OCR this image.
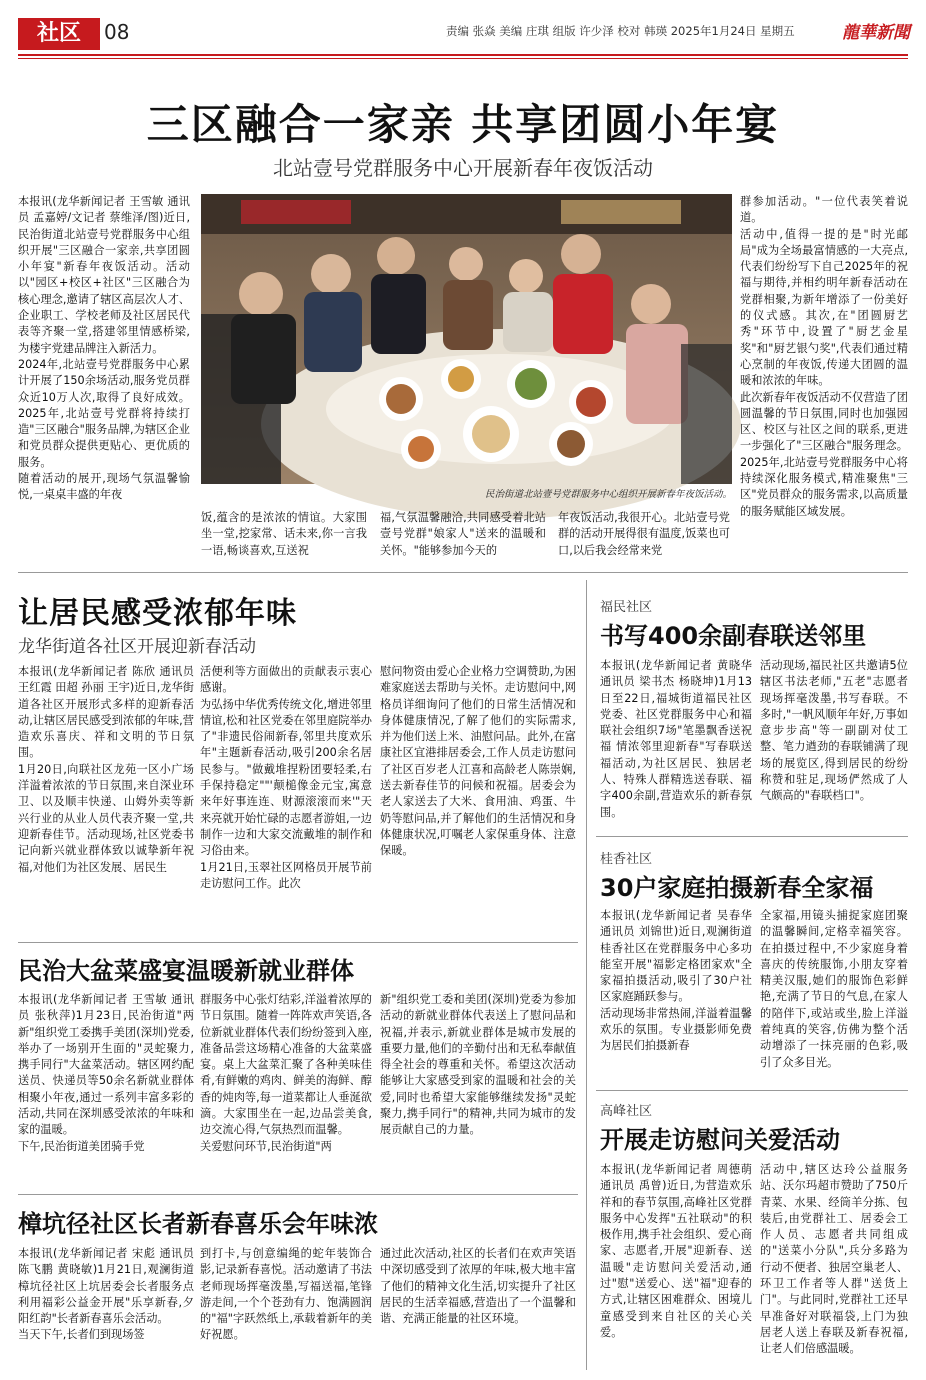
社区	08	责编 张焱 美编 庄琪 组版 许少泽 校对 韩瑛 2025年1月24日 星期五	龍華新聞
三区融合一家亲 共享团圆小年宴
北站壹号党群服务中心开展新春年夜饭活动
本报讯(龙华新闻记者 王雪敏 通讯员 孟嘉婷/文记者 蔡维泽/图)近日,民治街道北站壹号党群服务中心组织开展"三区融合一家亲,共享团圆小年宴"新春年夜饭活动。活动以"园区+校区+社区"三区融合为核心理念,邀请了辖区高层次人才、企业职工、学校老师及社区居民代表等齐聚一堂,搭建邻里情感桥梁,为楼宇党建品牌注入新活力。
2024年,北站壹号党群服务中心累计开展了150余场活动,服务党员群众近10万人次,取得了良好成效。2025年,北站壹号党群将持续打造"三区融合"服务品牌,为辖区企业和党员群众提供更贴心、更优质的服务。
随着活动的展开,现场气氛温馨愉悦,一桌桌丰盛的年夜	民治街道北站壹号党群服务中心组织开展新春年夜饭活动。
饭,蕴含的是浓浓的情谊。大家围坐一堂,挖家常、话未来,你一言我一语,畅谈喜欢,互送祝
福,气氛温馨融洽,共同感受着北站壹号党群"娘家人"送来的温暖和关怀。"能够参加今天的
年夜饭活动,我很开心。北站壹号党群的活动开展得很有温度,饭菜也可口,以后我会经常来党
群参加活动。"一位代表笑着说道。
活动中,值得一提的是"时光邮局"成为全场最富情感的一大亮点,代表们纷纷写下自己2025年的祝福与期待,并相约明年新春活动在党群相聚,为新年增添了一份美好的仪式感。其次,在"团圆厨艺秀"环节中,设置了"厨艺金星奖"和"厨艺银勺奖",代表们通过精心烹制的年夜饭,传递大团圆的温暖和浓浓的年味。
此次新春年夜饭活动不仅营造了团圆温馨的节日氛围,同时也加强园区、校区与社区之间的联系,更进一步强化了"三区融合"服务理念。2025年,北站壹号党群服务中心将持续深化服务模式,精准聚焦"三区"党员群众的服务需求,以高质量的服务赋能区域发展。
让居民感受浓郁年味
龙华街道各社区开展迎新春活动
本报讯(龙华新闻记者 陈欣 通讯员 王红霞 田超 孙丽 王宇)近日,龙华街道各社区开展形式多样的迎新春活动,让辖区居民感受到浓郁的年味,营造欢乐喜庆、祥和文明的节日氛围。
1月20日,向联社区龙苑一区小广场洋溢着浓浓的节日氛围,来自深业环卫、以及顺丰快递、山姆外卖等新兴行业的从业人员代表齐聚一堂,共迎新春佳节。活动现场,社区党委书记向新兴就业群体致以诚挚新年祝福,对他们为社区发展、居民生
活便利等方面做出的贡献表示衷心感谢。
为弘扬中华优秀传统文化,增进邻里情谊,松和社区党委在邻里庭院举办了"非遗民俗闹新春,邻里共度欢乐年"主题新春活动,吸引200余名居民参与。"做戴堆捏粉团要轻柔,右手保持稳定""'颠槌像金元宝,寓意来年好事连连、财源滚滚而来'"天来亮就开始忙碌的志愿者游姐,一边制作一边和大家交流戴堆的制作和习俗由来。
1月21日,玉翠社区网格员开展节前走访慰问工作。此次
慰问物资由爱心企业格力空调赞助,为困难家庭送去帮助与关怀。走访慰问中,网格员详细询问了他们的日常生活情况和身体健康情况,了解了他们的实际需求,并为他们送上米、油慰问品。此外,在富康社区宜港排居委会,工作人员走访慰问了社区百岁老人江喜和高龄老人陈崇娴,送去新春佳节的问候和祝福。居委会为老人家送去了大米、食用油、鸡蛋、牛奶等慰问品,并了解他们的生活情况和身体健康状况,叮嘱老人家保重身体、注意保暖。
民治大盆菜盛宴温暖新就业群体
本报讯(龙华新闻记者 王雪敏 通讯员 张秋萍)1月23日,民治街道"两新"组织党工委携手美团(深圳)党委,举办了一场别开生面的"灵蛇聚力,携手同行"大盆菜活动。辖区网约配送员、快递员等50余名新就业群体相聚小年夜,通过一系列丰富多彩的活动,共同在深圳感受浓浓的年味和家的温暖。
下午,民治街道美团骑手党
群服务中心张灯结彩,洋溢着浓厚的节日氛围。随着一阵阵欢声笑语,各位新就业群体代表们纷纷签到入座,准备品尝这场精心准备的大盆菜盛宴。桌上大盆菜汇聚了各种美味佳肴,有鲜嫩的鸡肉、鲜美的海鲜、醇香的炖肉等,每一道菜都让人垂涎欲滴。大家围坐在一起,边品尝美食,边交流心得,气氛热烈而温馨。
关爱慰问环节,民治街道"两
新"组织党工委和美团(深圳)党委为参加活动的新就业群体代表送上了慰问品和祝福,并表示,新就业群体是城市发展的重要力量,他们的辛勤付出和无私奉献值得全社会的尊重和关怀。希望这次活动能够让大家感受到家的温暖和社会的关爱,同时也希望大家能够继续发扬"灵蛇聚力,携手同行"的精神,共同为城市的发展贡献自己的力量。
樟坑径社区长者新春喜乐会年味浓
本报讯(龙华新闻记者 宋彪 通讯员 陈飞鹏 黄晓敏)1月21日,观澜街道樟坑径社区上坑居委会长者服务点利用福彩公益金开展"乐享新春,夕阳红韵"长者新春喜乐会活动。
当天下午,长者们到现场签
到打卡,与创意编绳的蛇年装饰合影,记录新春喜悦。活动邀请了书法老师现场挥毫泼墨,写福送福,笔锋游走间,一个个苍劲有力、饱满圆润的"福"字跃然纸上,承载着新年的美好祝愿。
通过此次活动,社区的长者们在欢声笑语中深切感受到了浓厚的年味,极大地丰富了他们的精神文化生活,切实提升了社区居民的生活幸福感,营造出了一个温馨和谐、充满正能量的社区环境。
福民社区
书写400余副春联送邻里
本报讯(龙华新闻记者 黄晓华 通讯员 梁书杰 杨晓坤)1月13日至22日,福城街道福民社区党委、社区党群服务中心和福联社会组织7场"笔墨飘香送祝福 情浓邻里迎新春"写春联送福活动,为社区居民、独居老人、特殊人群精选送春联、福字400余副,营造欢乐的新春氛围。
活动现场,福民社区共邀请5位辖区书法老师,"五老"志愿者现场挥毫泼墨,书写春联。不多时,"一帆风顺年年好,万事如意步步高"等一副副对仗工整、笔力遒劲的春联铺满了现场的展览区,得到居民的纷纷称赞和驻足,现场俨然成了人气颇高的"春联档口"。
桂香社区
30户家庭拍摄新春全家福
本报讯(龙华新闻记者 吴春华 通讯员 刘锦世)近日,观澜街道桂香社区在党群服务中心多功能室开展"福影定格团家欢"全家福拍摄活动,吸引了30户社区家庭踊跃参与。
活动现场非常热闹,洋溢着温馨欢乐的氛围。专业摄影师免费为居民们拍摄新春
全家福,用镜头捕捉家庭团聚的温馨瞬间,定格幸福笑容。在拍摄过程中,不少家庭身着喜庆的传统服饰,小朋友穿着精美汉服,她们的服饰色彩鲜艳,充满了节日的气息,在家人的陪伴下,或站或坐,脸上洋溢着纯真的笑容,仿佛为整个活动增添了一抹亮丽的色彩,吸引了众多目光。
高峰社区
开展走访慰问关爱活动
本报讯(龙华新闻记者 周德萌 通讯员 禹曾)近日,为营造欢乐祥和的春节氛围,高峰社区党群服务中心发挥"五社联动"的积极作用,携手社会组织、爱心商家、志愿者,开展"迎新春、送温暖"走访慰问关爱活动,通过"慰"送爱心、送"福"迎春的方式,让辖区困难群众、困境儿童感受到来自社区的关心关爱。
活动中,辖区达玲公益服务站、沃尔玛超市赞助了750斤青菜、水果、经筒羊分拣、包装后,由党群社工、居委会工作人员、志愿者共同组成的"送菜小分队",兵分多路为行动不便者、独居空巢老人、环卫工作者等人群"送货上门"。与此同时,党群社工还早早准备好对联福袋,上门为独居老人送上春联及新春祝福,让老人们倍感温暖。
